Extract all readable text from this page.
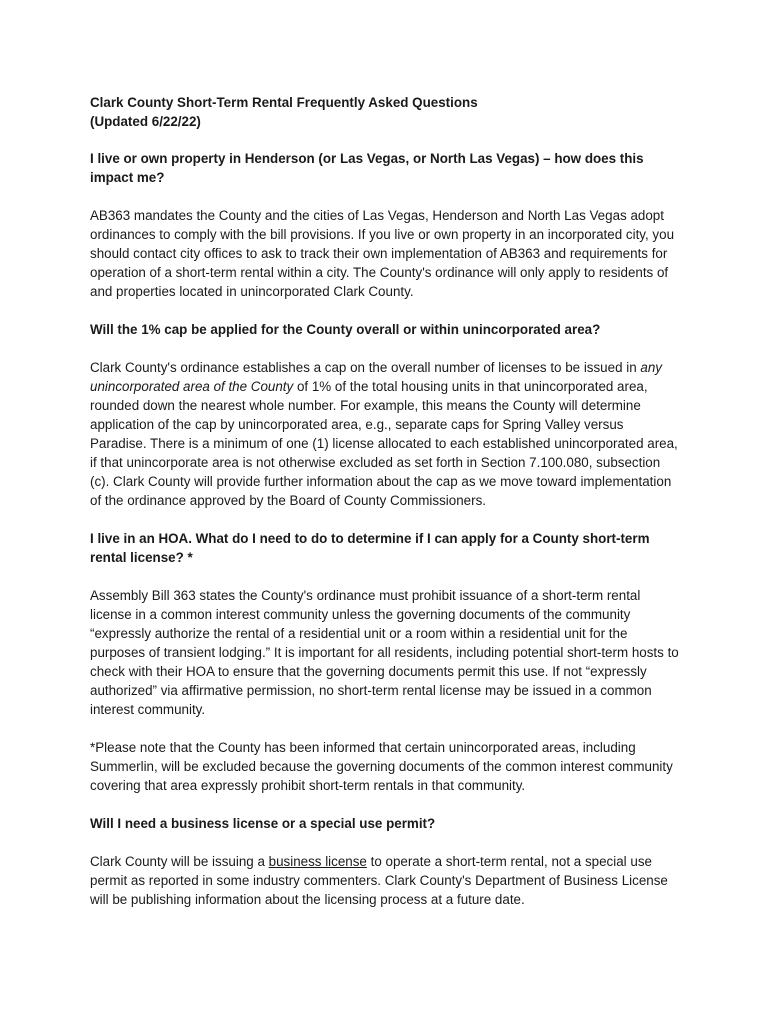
Clark County Short-Term Rental Frequently Asked Questions
(Updated 6/22/22)

I live or own property in Henderson (or Las Vegas, or North Las Vegas) – how does this impact me?

AB363 mandates the County and the cities of Las Vegas, Henderson and North Las Vegas adopt ordinances to comply with the bill provisions. If you live or own property in an incorporated city, you should contact city offices to ask to track their own implementation of AB363 and requirements for operation of a short-term rental within a city. The County's ordinance will only apply to residents of and properties located in unincorporated Clark County.

Will the 1% cap be applied for the County overall or within unincorporated area?

Clark County's ordinance establishes a cap on the overall number of licenses to be issued in any unincorporated area of the County of 1% of the total housing units in that unincorporated area, rounded down the nearest whole number. For example, this means the County will determine application of the cap by unincorporated area, e.g., separate caps for Spring Valley versus Paradise. There is a minimum of one (1) license allocated to each established unincorporated area, if that unincorporate area is not otherwise excluded as set forth in Section 7.100.080, subsection (c). Clark County will provide further information about the cap as we move toward implementation of the ordinance approved by the Board of County Commissioners.

I live in an HOA. What do I need to do to determine if I can apply for a County short-term rental license? *

Assembly Bill 363 states the County's ordinance must prohibit issuance of a short-term rental license in a common interest community unless the governing documents of the community “expressly authorize the rental of a residential unit or a room within a residential unit for the purposes of transient lodging.” It is important for all residents, including potential short-term hosts to check with their HOA to ensure that the governing documents permit this use. If not “expressly authorized” via affirmative permission, no short-term rental license may be issued in a common interest community.

*Please note that the County has been informed that certain unincorporated areas, including Summerlin, will be excluded because the governing documents of the common interest community covering that area expressly prohibit short-term rentals in that community.

Will I need a business license or a special use permit?

Clark County will be issuing a business license to operate a short-term rental, not a special use permit as reported in some industry commenters. Clark County's Department of Business License will be publishing information about the licensing process at a future date.
